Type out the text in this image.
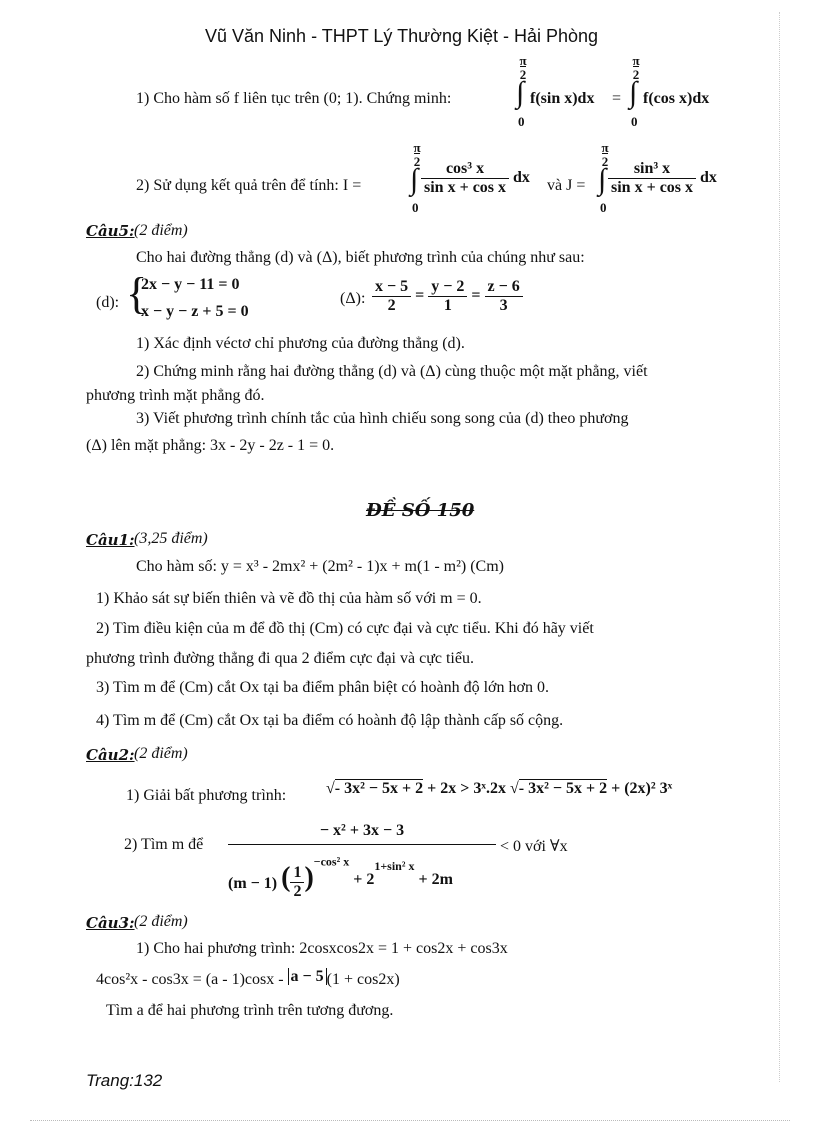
Vũ Văn Ninh - THPT Lý Thường Kiệt - Hải Phòng
1) Cho hàm số f liên tục trên (0; 1). Chứng minh:
π
2
∫
0
f(sin x)dx =
π
2
∫
0
f(cos x)dx
2) Sử dụng kết quả trên để tính: I =
π
2
∫
0
$\frac{\text{cos³ x}}{\text{sin x + cos x}}$ dx và J =
π
2
∫
0
$\frac{\text{sin³ x}}{\text{sin x + cos x}}$ dx
Câu5: (2 điểm)
Cho hai đường thẳng (d) và (Δ), biết phương trình của chúng như sau:
(d): {
2x − y − 11 = 0
x − y − z + 5 = 0
(Δ): $\frac{x - 5}{2} = \frac{y - 2}{1} = \frac{z - 6}{3}$
1) Xác định véctơ chỉ phương của đường thẳng (d).
2) Chứng minh rằng hai đường thẳng (d) và (Δ) cùng thuộc một mặt phẳng, viết
phương trình mặt phẳng đó.
3) Viết phương trình chính tắc của hình chiếu song song của (d) theo phương
(Δ) lên mặt phẳng: 3x - 2y - 2z - 1 = 0.
ĐỀ SỐ 150
Câu1: (3,25 điểm)
Cho hàm số: y = x³ - 2mx² + (2m² - 1)x + m(1 - m²) (Cm)
1) Khảo sát sự biến thiên và vẽ đồ thị của hàm số với m = 0.
2) Tìm điều kiện của m để đồ thị (Cm) có cực đại và cực tiểu. Khi đó hãy viết
phương trình đường thẳng đi qua 2 điểm cực đại và cực tiểu.
3) Tìm m để (Cm) cắt Ox tại ba điểm phân biệt có hoành độ lớn hơn 0.
4) Tìm m để (Cm) cắt Ox tại ba điểm có hoành độ lập thành cấp số cộng.
Câu2: (2 điểm)
1) Giải bất phương trình: √- 3x² − 5x + 2 + 2x > 3ˣ.2x √- 3x² − 5x + 2 + (2x)² 3ˣ
2) Tìm m để
− x² + 3x − 3
(m − 1) ( $\frac{1}{2} )^{-cos^2 x} + 2^{1+sin^2 x} + 2m$
< 0 với ∀x
Câu3: (2 điểm)
1) Cho hai phương trình: 2cosxcos2x = 1 + cos2x + cos3x
4cos²x - cos3x = (a - 1)cosx - a − 5 (1 + cos2x)
Tìm a để hai phương trình trên tương đương.
Trang:132
